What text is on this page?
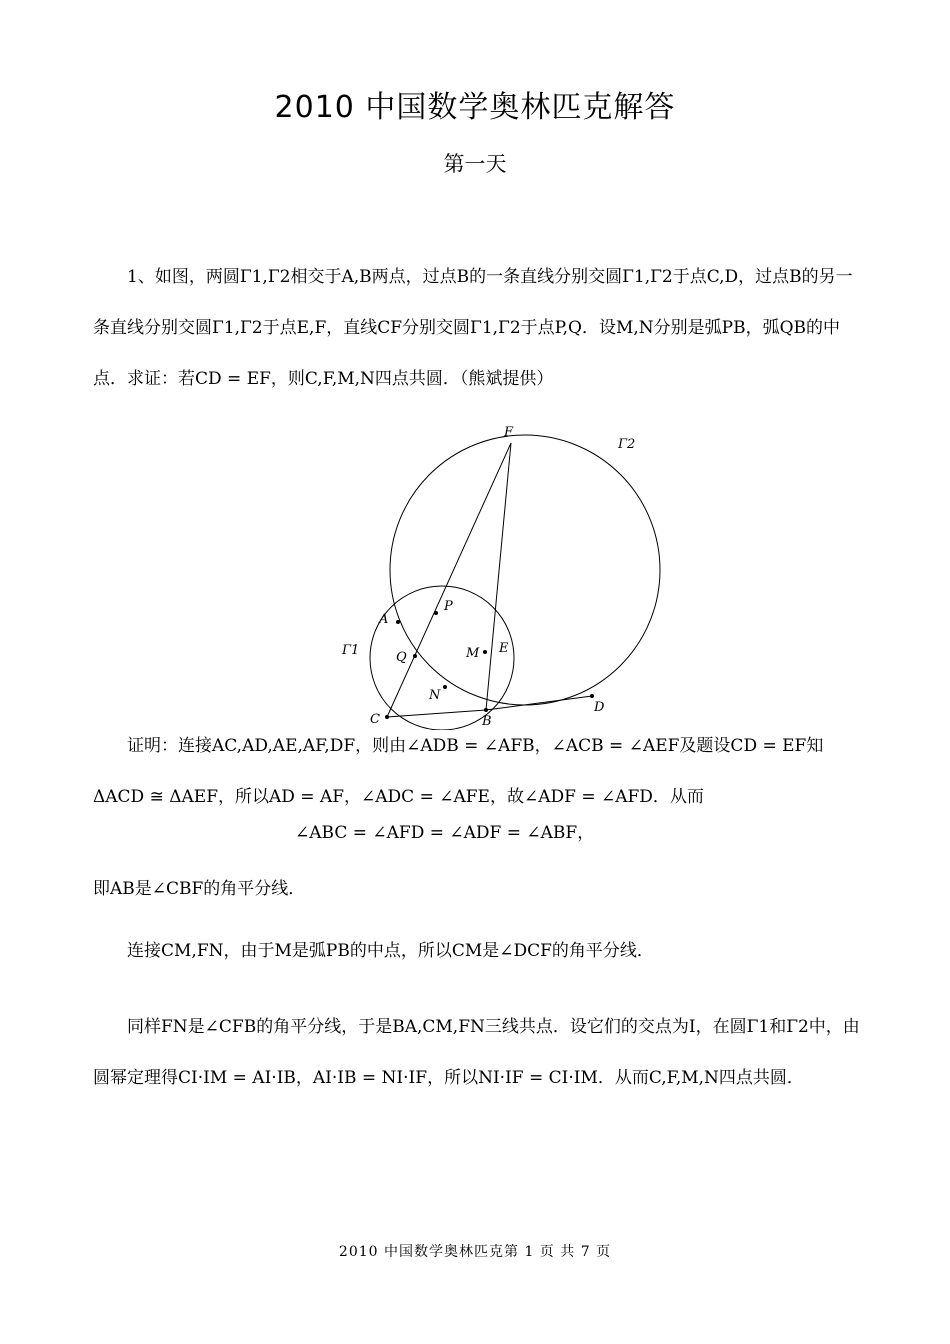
2010 中国数学奥林匹克解答
第一天
1、如图，两圆Γ1,Γ2相交于A,B两点，过点B的一条直线分别交圆Γ1,Γ2于点C,D，过点B的另一条直线分别交圆Γ1,Γ2于点E,F，直线CF分别交圆Γ1,Γ2于点P,Q．设M,N分别是弧PB，弧QB的中点．求证：若CD = EF，则C,F,M,N四点共圆．（熊斌提供）
F
Γ2
A
P
Γ1	Q	M E
N
C	B
D
证明：连接AC,AD,AE,AF,DF，则由∠ADB = ∠AFB，∠ACB = ∠AEF及题设CD = EF知ΔACD ≅ ΔAEF，所以AD = AF，∠ADC = ∠AFE，故∠ADF = ∠AFD．从而
∠ABC = ∠AFD = ∠ADF = ∠ABF，
即AB是∠CBF的角平分线．
连接CM,FN，由于M是弧PB的中点，所以CM是∠DCF的角平分线．
同样FN是∠CFB的角平分线，于是BA,CM,FN三线共点．设它们的交点为I，在圆Γ1和Γ2中，由圆幂定理得CI·IM = AI·IB，AI·IB = NI·IF，所以NI·IF = CI·IM．从而C,F,M,N四点共圆．
2010 中国数学奥林匹克第 1 页 共 7 页
